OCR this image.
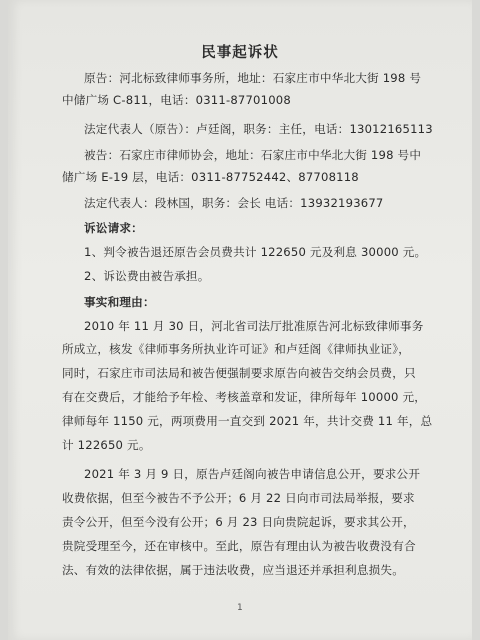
民事起诉状
原告：河北标致律师事务所，地址：石家庄市中华北大街 198 号
中储广场 C-811，电话：0311-87701008
法定代表人（原告）：卢廷阁，职务：主任，电话：13012165113
被告：石家庄市律师协会，地址：石家庄市中华北大街 198 号中
储广场 E-19 层，电话：0311-87752442、87708118
法定代表人：段林国，职务：会长 电话：13932193677
诉讼请求：
1、判令被告退还原告会员费共计 122650 元及利息 30000 元。
2、诉讼费由被告承担。
事实和理由：
2010 年 11 月 30 日，河北省司法厅批准原告河北标致律师事务
所成立，核发《律师事务所执业许可证》和卢廷阁《律师执业证》，
同时，石家庄市司法局和被告便强制要求原告向被告交纳会员费，只
有在交费后，才能给予年检、考核盖章和发证，律所每年 10000 元，
律师每年 1150 元，两项费用一直交到 2021 年，共计交费 11 年，总
计 122650 元。
2021 年 3 月 9 日，原告卢廷阁向被告申请信息公开，要求公开
收费依据，但至今被告不予公开；6 月 22 日向市司法局举报，要求
责令公开，但至今没有公开；6 月 23 日向贵院起诉，要求其公开，
贵院受理至今，还在审核中。至此，原告有理由认为被告收费没有合
法、有效的法律依据，属于违法收费，应当退还并承担利息损失。
1
